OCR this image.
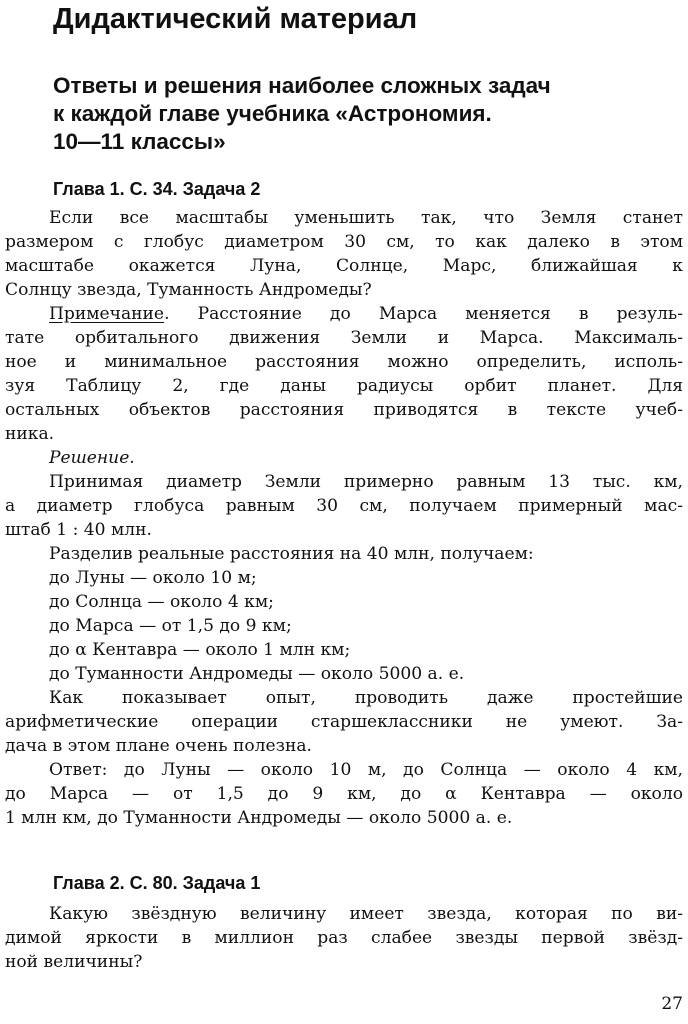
Дидактический материал
Ответы и решения наиболее сложных задач
к каждой главе учебника «Астрономия.
10—11 классы»
Глава 1. С. 34. Задача 2
Если все масштабы уменьшить так, что Земля станет
размером с глобус диаметром 30 см, то как далеко в этом
масштабе окажется Луна, Солнце, Марс, ближайшая к
Солнцу звезда, Туманность Андромеды?
Примечание. Расстояние до Марса меняется в резуль-
тате орбитального движения Земли и Марса. Максималь-
ное и минимальное расстояния можно определить, исполь-
зуя Таблицу 2, где даны радиусы орбит планет. Для
остальных объектов расстояния приводятся в тексте учеб-
ника.
Решение.
Принимая диаметр Земли примерно равным 13 тыс. км,
а диаметр глобуса равным 30 см, получаем примерный мас-
штаб 1 : 40 млн.
Разделив реальные расстояния на 40 млн, получаем:
до Луны — около 10 м;
до Солнца — около 4 км;
до Марса — от 1,5 до 9 км;
до α Кентавра — около 1 млн км;
до Туманности Андромеды — около 5000 а. е.
Как показывает опыт, проводить даже простейшие
арифметические операции старшеклассники не умеют. За-
дача в этом плане очень полезна.
Ответ: до Луны — около 10 м, до Солнца — около 4 км,
до Марса — от 1,5 до 9 км, до α Кентавра — около
1 млн км, до Туманности Андромеды — около 5000 а. е.
Глава 2. С. 80. Задача 1
Какую звёздную величину имеет звезда, которая по ви-
димой яркости в миллион раз слабее звезды первой звёзд-
ной величины?
27
